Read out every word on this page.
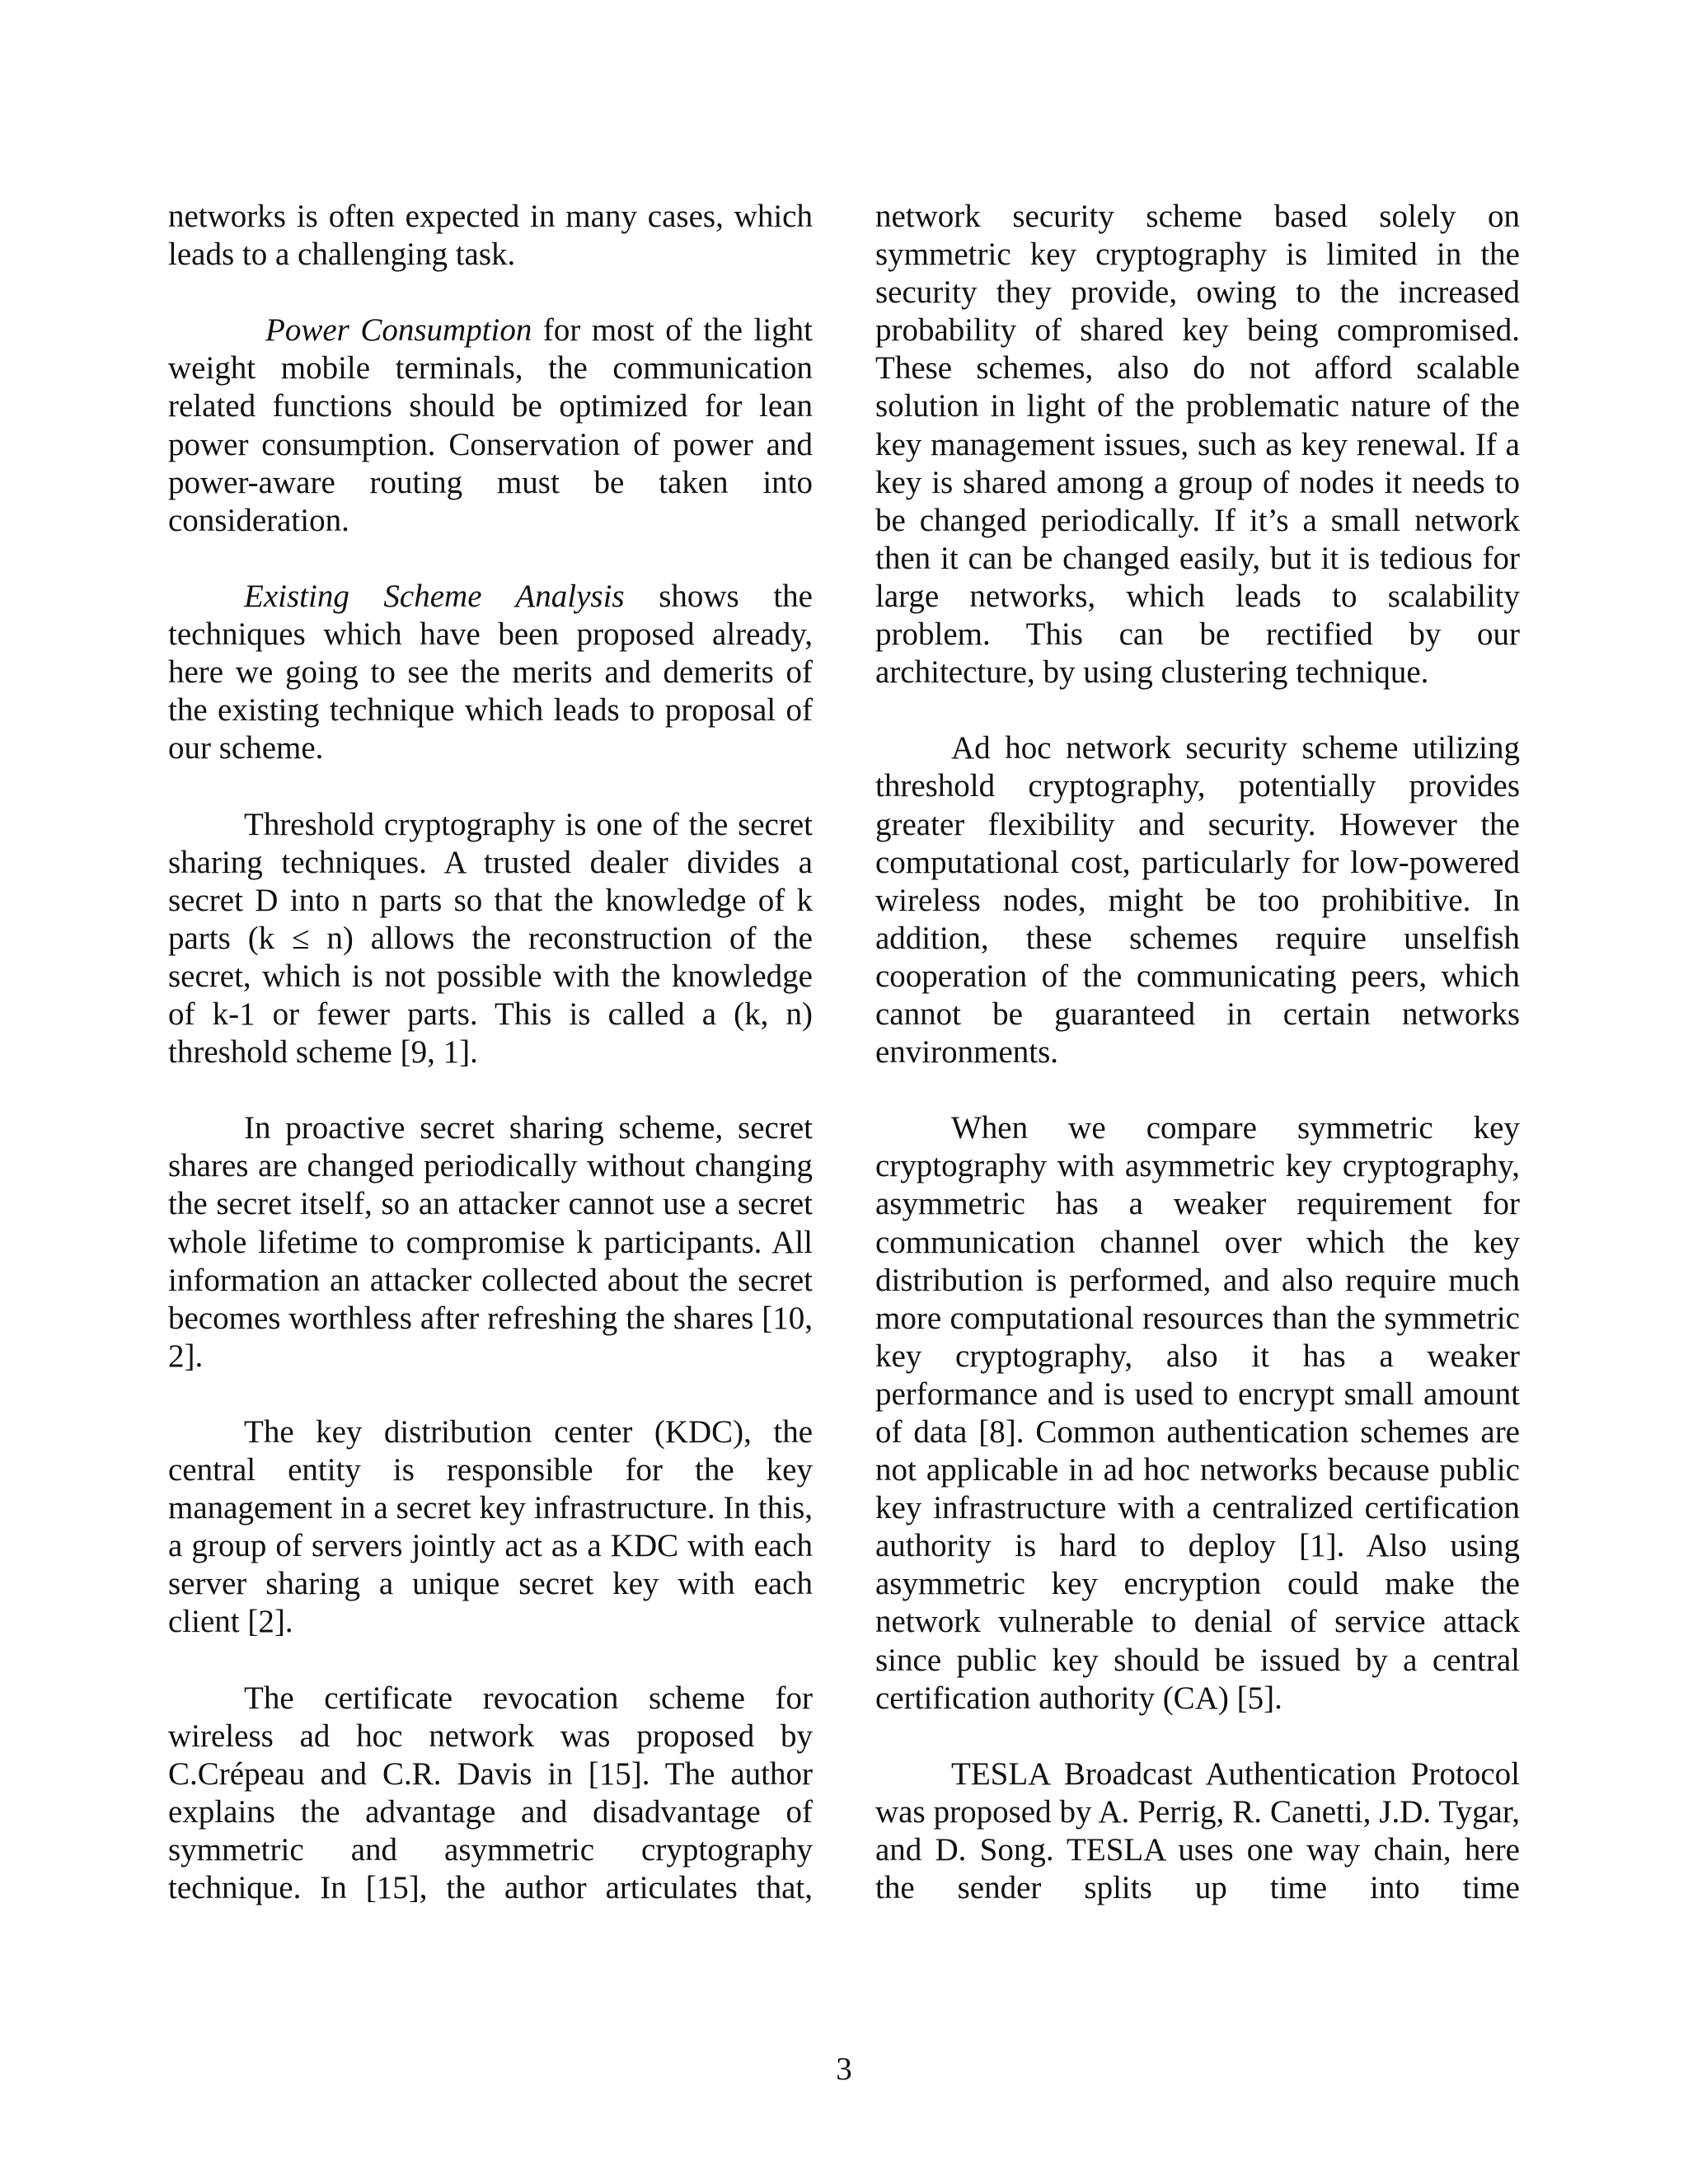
networks is often expected in many cases, which leads to a challenging task.

Power Consumption for most of the light weight mobile terminals, the communication related functions should be optimized for lean power consumption. Conservation of power and power-aware routing must be taken into consideration.

Existing Scheme Analysis shows the techniques which have been proposed already, here we going to see the merits and demerits of the existing technique which leads to proposal of our scheme.

Threshold cryptography is one of the secret sharing techniques. A trusted dealer divides a secret D into n parts so that the knowledge of k parts (k ≤ n) allows the reconstruction of the secret, which is not possible with the knowledge of k-1 or fewer parts. This is called a (k, n) threshold scheme [9, 1].

In proactive secret sharing scheme, secret shares are changed periodically without changing the secret itself, so an attacker cannot use a secret whole lifetime to compromise k participants. All information an attacker collected about the secret becomes worthless after refreshing the shares [10, 2].

The key distribution center (KDC), the central entity is responsible for the key management in a secret key infrastructure. In this, a group of servers jointly act as a KDC with each server sharing a unique secret key with each client [2].

The certificate revocation scheme for wireless ad hoc network was proposed by C.Crépeau and C.R. Davis in [15]. The author explains the advantage and disadvantage of symmetric and asymmetric cryptography technique. In [15], the author articulates that,

network security scheme based solely on symmetric key cryptography is limited in the security they provide, owing to the increased probability of shared key being compromised. These schemes, also do not afford scalable solution in light of the problematic nature of the key management issues, such as key renewal. If a key is shared among a group of nodes it needs to be changed periodically. If it’s a small network then it can be changed easily, but it is tedious for large networks, which leads to scalability problem. This can be rectified by our architecture, by using clustering technique.

Ad hoc network security scheme utilizing threshold cryptography, potentially provides greater flexibility and security. However the computational cost, particularly for low-powered wireless nodes, might be too prohibitive. In addition, these schemes require unselfish cooperation of the communicating peers, which cannot be guaranteed in certain networks environments.

When we compare symmetric key cryptography with asymmetric key cryptography, asymmetric has a weaker requirement for communication channel over which the key distribution is performed, and also require much more computational resources than the symmetric key cryptography, also it has a weaker performance and is used to encrypt small amount of data [8]. Common authentication schemes are not applicable in ad hoc networks because public key infrastructure with a centralized certification authority is hard to deploy [1]. Also using asymmetric key encryption could make the network vulnerable to denial of service attack since public key should be issued by a central certification authority (CA) [5].

TESLA Broadcast Authentication Protocol was proposed by A. Perrig, R. Canetti, J.D. Tygar, and D. Song. TESLA uses one way chain, here the sender splits up time into time

3
